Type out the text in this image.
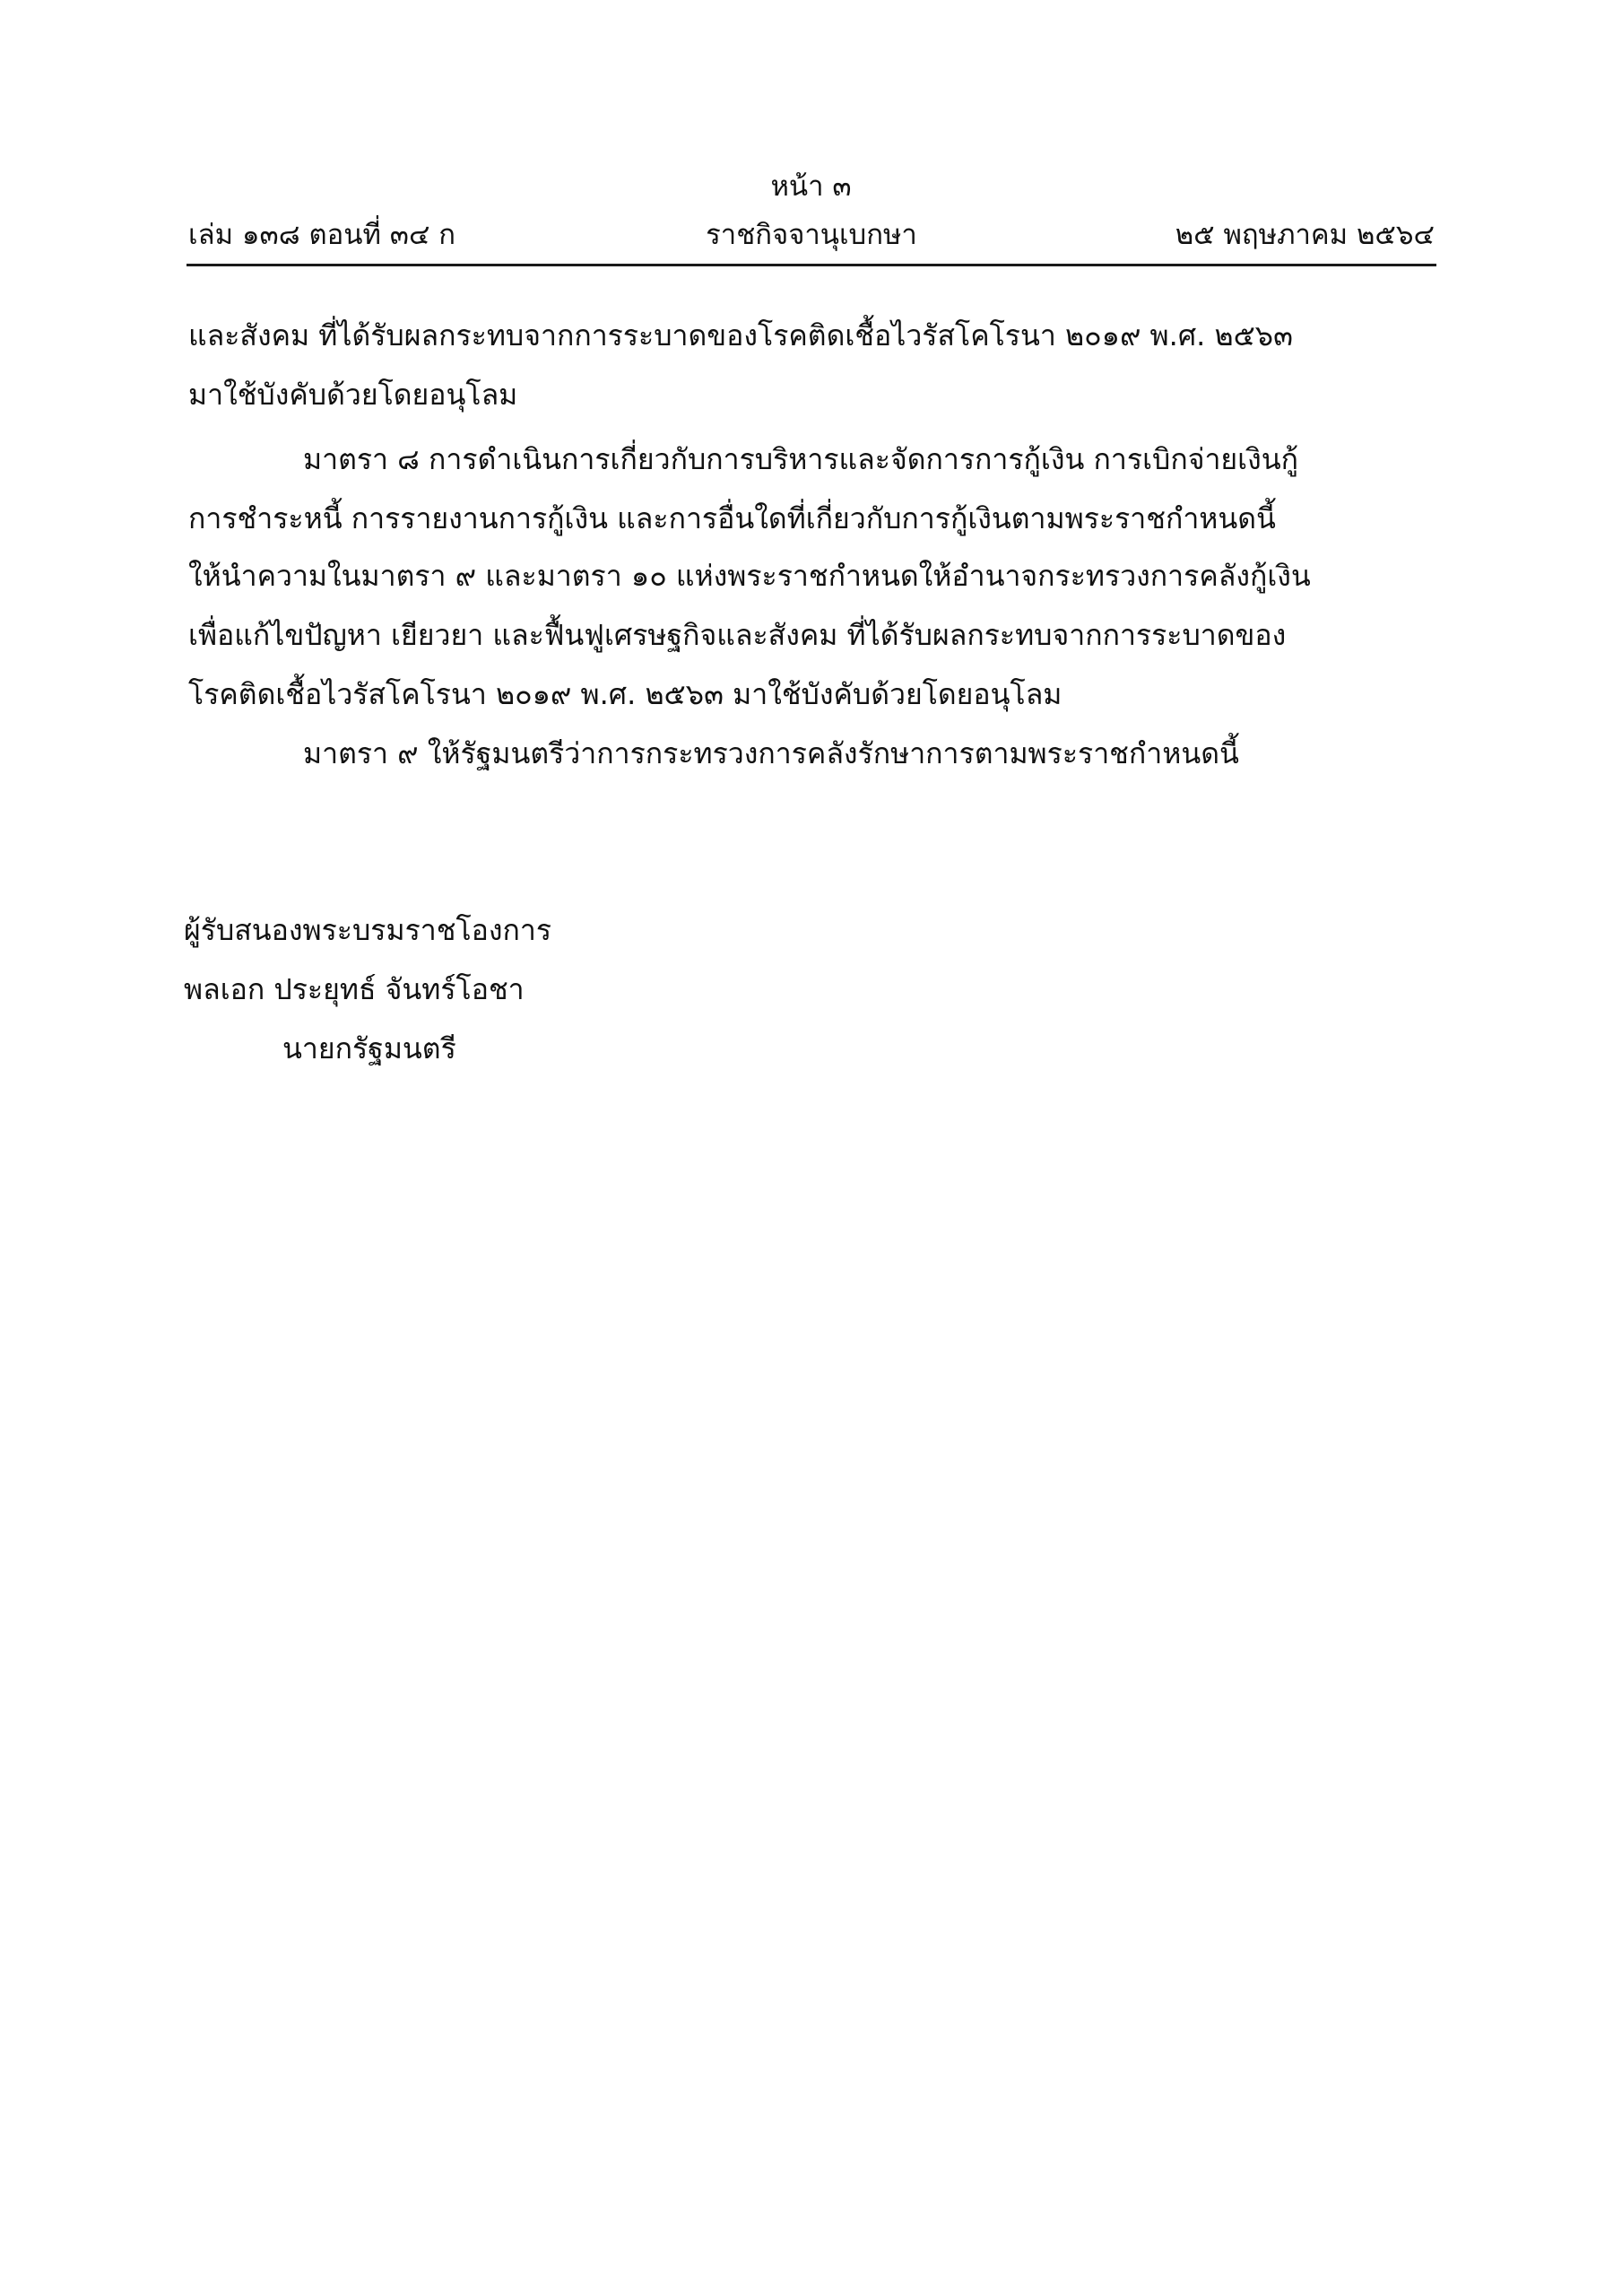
หน้า ๓
เล่ม ๑๓๘ ตอนที่ ๓๔ ก	ราชกิจจานุเบกษา	๒๕ พฤษภาคม ๒๕๖๔
และสังคม ที่ได้รับผลกระทบจากการระบาดของโรคติดเชื้อไวรัสโคโรนา ๒๐๑๙ พ.ศ. ๒๕๖๓
มาใช้บังคับด้วยโดยอนุโลม
มาตรา ๘ การดำเนินการเกี่ยวกับการบริหารและจัดการการกู้เงิน การเบิกจ่ายเงินกู้
การชำระหนี้ การรายงานการกู้เงิน และการอื่นใดที่เกี่ยวกับการกู้เงินตามพระราชกำหนดนี้
ให้นำความในมาตรา ๙ และมาตรา ๑๐ แห่งพระราชกำหนดให้อำนาจกระทรวงการคลังกู้เงิน
เพื่อแก้ไขปัญหา เยียวยา และฟื้นฟูเศรษฐกิจและสังคม ที่ได้รับผลกระทบจากการระบาดของ
โรคติดเชื้อไวรัสโคโรนา ๒๐๑๙ พ.ศ. ๒๕๖๓ มาใช้บังคับด้วยโดยอนุโลม
มาตรา ๙ ให้รัฐมนตรีว่าการกระทรวงการคลังรักษาการตามพระราชกำหนดนี้
ผู้รับสนองพระบรมราชโองการ
พลเอก ประยุทธ์ จันทร์โอชา
นายกรัฐมนตรี
